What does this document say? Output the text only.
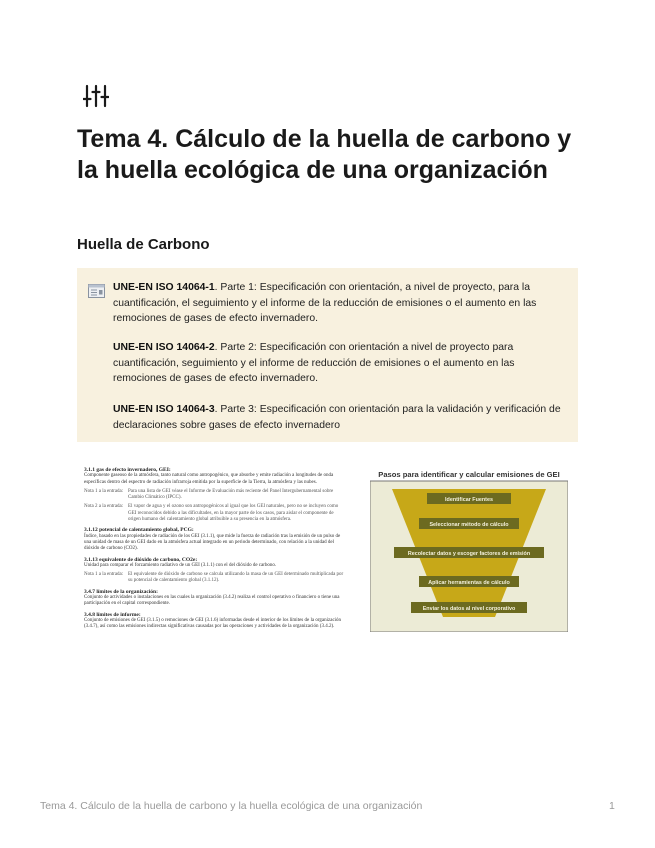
Tema 4. Cálculo de la huella de carbono y la huella ecológica de una organización
Huella de Carbono

UNE-EN ISO 14064-1. Parte 1: Especificación con orientación, a nivel de proyecto, para la cuantificación, el seguimiento y el informe de la reducción de emisiones o el aumento en las remociones de gases de efecto invernadero.

UNE-EN ISO 14064-2. Parte 2: Especificación con orientación a nivel de proyecto para cuantificación, seguimiento y el informe de reducción de emisiones o el aumento en las remociones de gases de efecto invernadero.

UNE-EN ISO 14064-3. Parte 3: Especificación con orientación para la validación y verificación de declaraciones sobre gases de efecto invernadero

3.1.1 gas de efecto invernadero, GEI:

Componente gaseoso de la atmósfera, tanto natural como antropogénico, que absorbe y emite radiación a longitudes de onda específicas dentro del espectro de radiación infrarroja emitida por la superficie de la Tierra, la atmósfera y las nubes.

Nota 1 a la entrada: Para una lista de GEI véase el Informe de Evaluación más reciente del Panel Intergubernamental sobre Cambio Climático (IPCC).
Nota 2 a la entrada: El vapor de agua y el ozono son antropogénicos al igual que los GEI naturales, pero no se incluyen como GEI reconocidos debido a las dificultades, en la mayor parte de los casos, para aislar el componente de origen humano del calentamiento global atribuible a su presencia en la atmósfera.
3.1.12 potencial de calentamiento global, PCG:

Índice, basado en las propiedades de radiación de los GEI (3.1.1), que mide la fuerza de radiación tras la emisión de un pulso de una unidad de masa de un GEI dado en la atmósfera actual integrado en un periodo determinado, con relación a la unidad del dióxido de carbono (CO2).

3.1.13 equivalente de dióxido de carbono, CO2e:

Unidad para comparar el forzamiento radiativo de un GEI (3.1.1) con el del dióxido de carbono.

Nota 1 a la entrada: El equivalente de dióxido de carbono se calcula utilizando la masa de un GEI determinado multiplicada por su potencial de calentamiento global (3.1.12).
3.4.7 límites de la organización:

Conjunto de actividades o instalaciones en las cuales la organización (3.4.2) realiza el control operativo o financiero o tiene una participación en el capital correspondiente.

3.4.8 límites de informe:

Conjunto de emisiones de GEI (3.1.5) o remociones de GEI (3.1.6) informadas desde el interior de los límites de la organización (3.4.7), así como las emisiones indirectas significativas causadas por las operaciones y actividades de la organización (3.4.2).

Pasos para identificar y calcular emisiones de GEI
Identificar Fuentes
Seleccionar método de cálculo
Recolectar datos y escoger factores de emisión
Aplicar herramientas de cálculo
Enviar los datos al nivel corporativo
Tema 4. Cálculo de la huella de carbono y la huella ecológica de una organización	1
